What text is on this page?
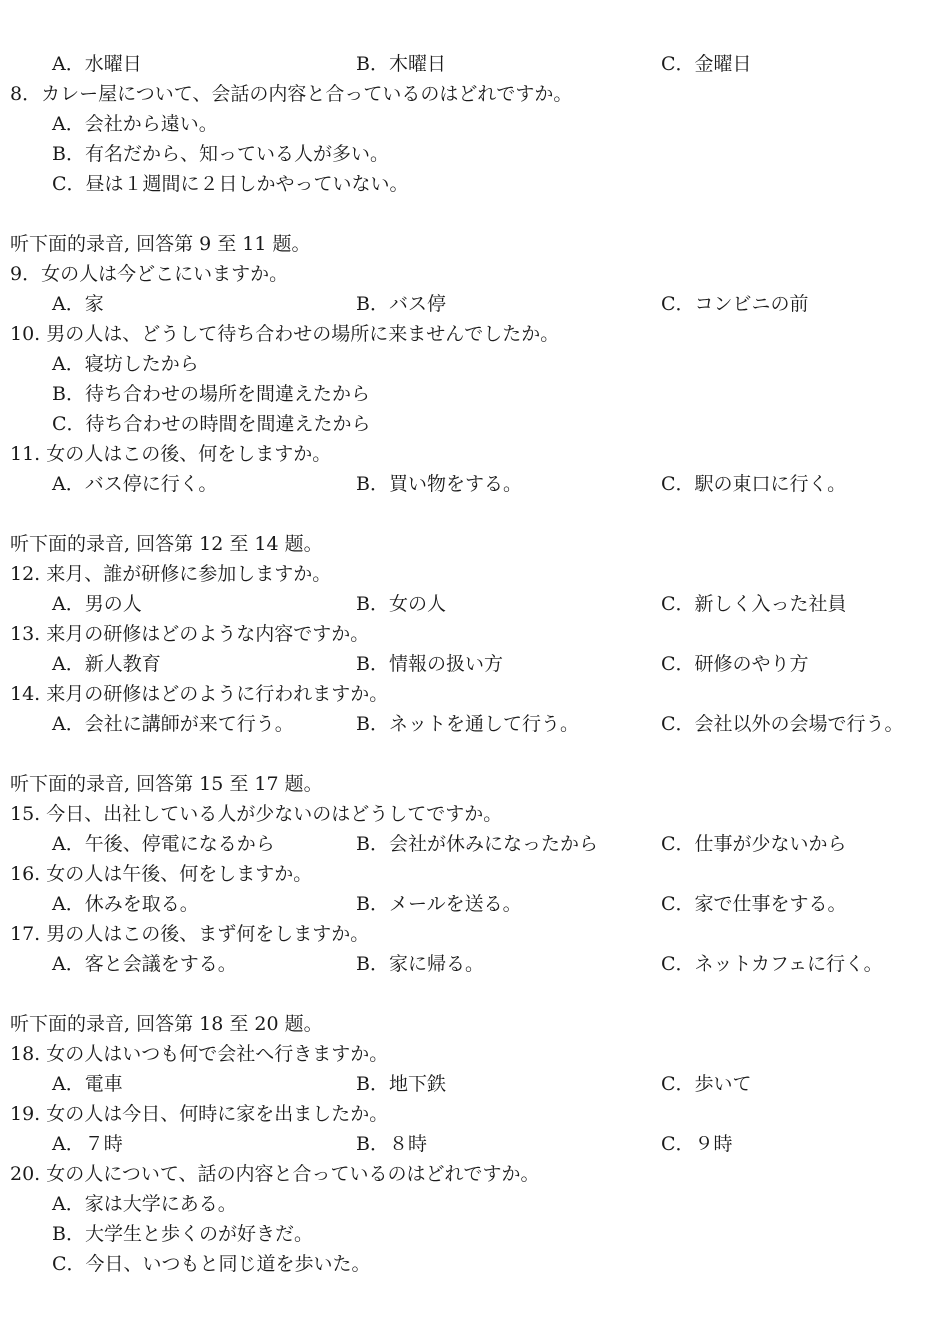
A．水曜日	B．木曜日	C．金曜日
8．カレー屋について、会話の内容と合っているのはどれですか。
A．会社から遠い。
B．有名だから、知っている人が多い。
C．昼は１週間に２日しかやっていない。
听下面的录音, 回答第 9 至 11 题。
9．女の人は今どこにいますか。
A．家	B．バス停	C．コンビニの前
10. 男の人は、どうして待ち合わせの場所に来ませんでしたか。
A．寝坊したから
B．待ち合わせの場所を間違えたから
C．待ち合わせの時間を間違えたから
11. 女の人はこの後、何をしますか。
A．バス停に行く。	B．買い物をする。	C．駅の東口に行く。
听下面的录音, 回答第 12 至 14 题。
12. 来月、誰が研修に参加しますか。
A．男の人	B．女の人	C．新しく入った社員
13. 来月の研修はどのような内容ですか。
A．新人教育	B．情報の扱い方	C．研修のやり方
14. 来月の研修はどのように行われますか。
A．会社に講師が来て行う。	B．ネットを通して行う。	C．会社以外の会場で行う。
听下面的录音, 回答第 15 至 17 题。
15. 今日、出社している人が少ないのはどうしてですか。
A．午後、停電になるから	B．会社が休みになったから	C．仕事が少ないから
16. 女の人は午後、何をしますか。
A．休みを取る。	B．メールを送る。	C．家で仕事をする。
17. 男の人はこの後、まず何をしますか。
A．客と会議をする。	B．家に帰る。	C．ネットカフェに行く。
听下面的录音, 回答第 18 至 20 题。
18. 女の人はいつも何で会社へ行きますか。
A．電車	B．地下鉄	C．歩いて
19. 女の人は今日、何時に家を出ましたか。
A．７時	B．８時	C．９時
20. 女の人について、話の内容と合っているのはどれですか。
A．家は大学にある。
B．大学生と歩くのが好きだ。
C．今日、いつもと同じ道を歩いた。
